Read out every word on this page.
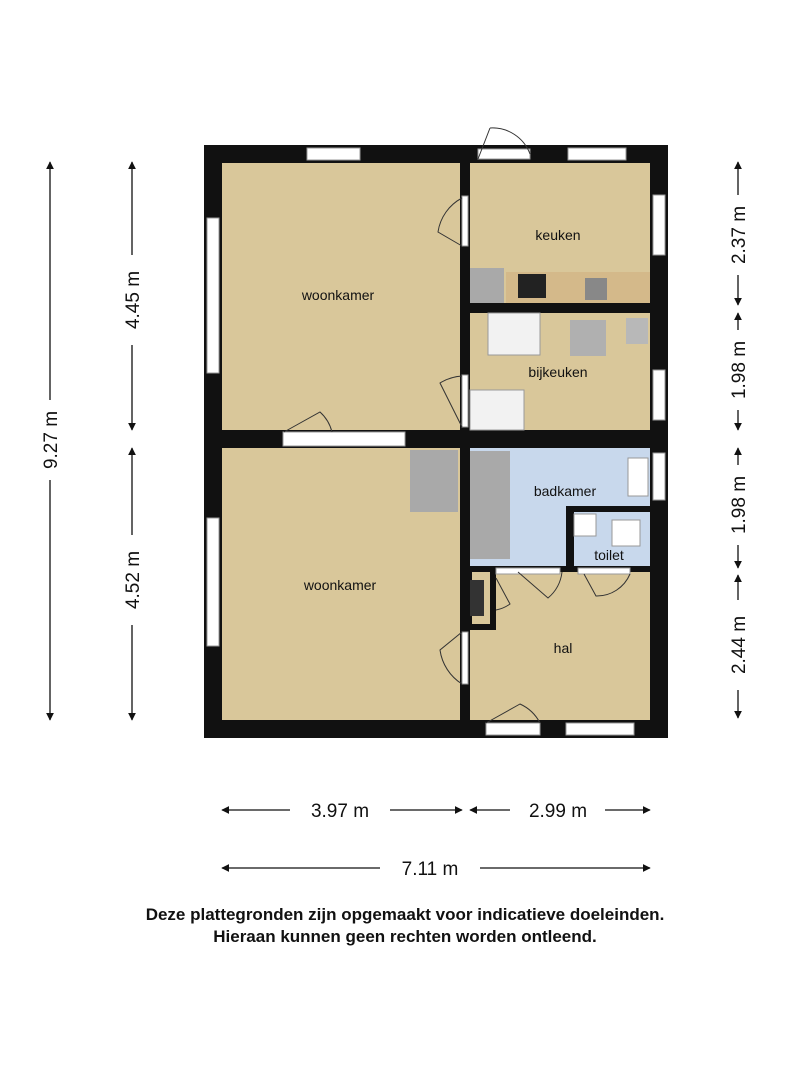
woonkamer
keuken
bijkeuken
woonkamer
badkamer
toilet
hal
9.27 m
4.45 m
4.52 m
2.37 m
1.98 m
1.98 m
2.44 m
3.97 m	2.99 m
7.11 m
Deze plattegronden zijn opgemaakt voor indicatieve doeleinden.
Hieraan kunnen geen rechten worden ontleend.
